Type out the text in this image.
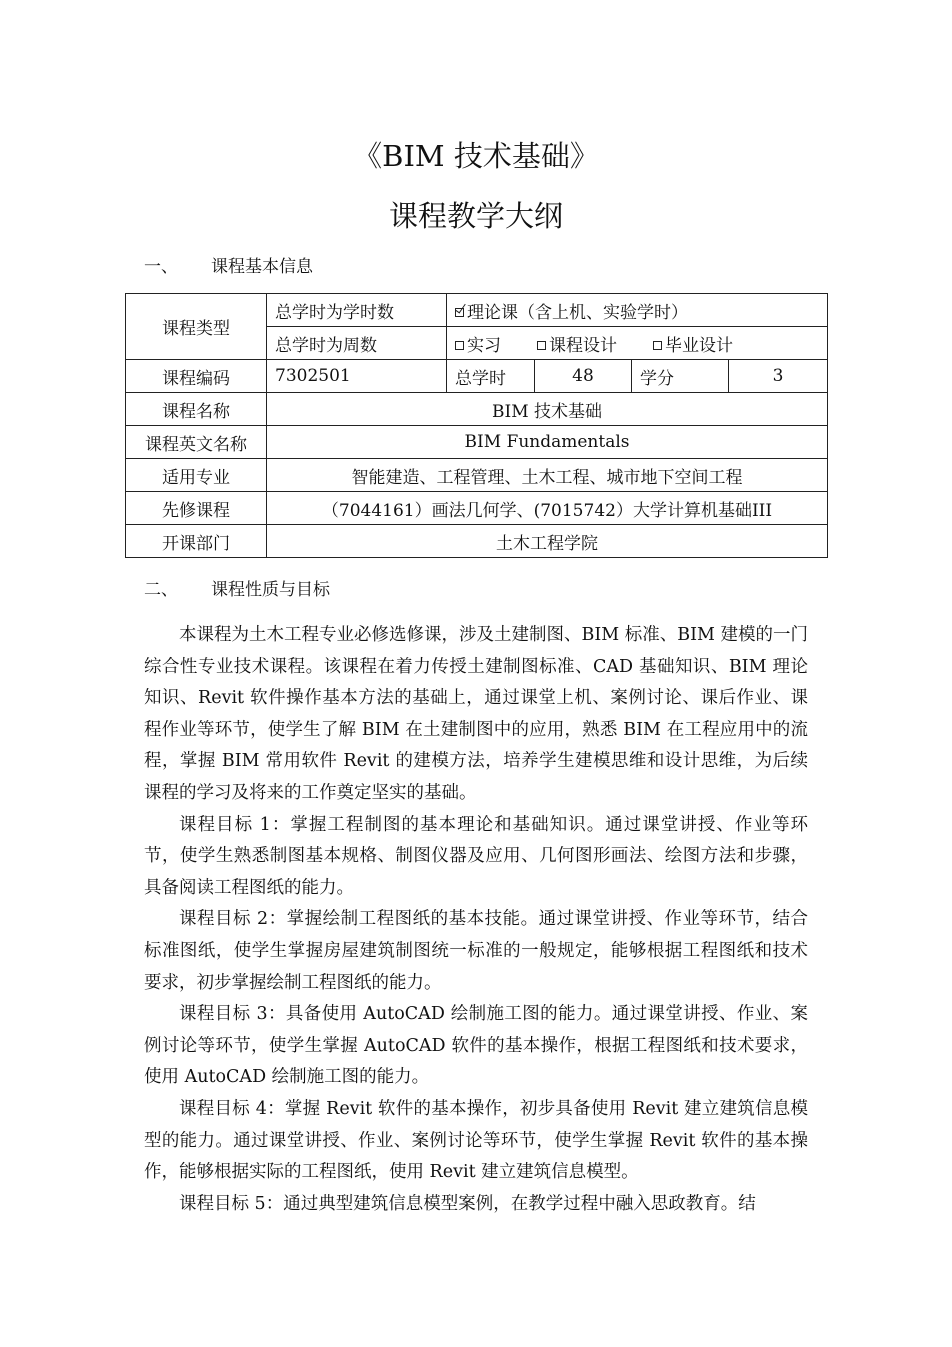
《BIM 技术基础》
课程教学大纲
一、 课程基本信息
课程类型	总学时为学时数	理论课（含上机、实验学时）			
	总学时为周数	实习 课程设计 毕业设计			
课程编码	7302501	总学时	48	学分	3
课程名称	BIM 技术基础				
课程英文名称	BIM Fundamentals				
适用专业	智能建造、工程管理、土木工程、城市地下空间工程				
先修课程	（7044161）画法几何学、(7015742）大学计算机基础III				
开课部门	土木工程学院				
二、 课程性质与目标

本课程为土木工程专业必修选修课，涉及土建制图、BIM 标准、BIM 建模的一门综合性专业技术课程。该课程在着力传授土建制图标准、CAD 基础知识、BIM 理论知识、Revit 软件操作基本方法的基础上，通过课堂上机、案例讨论、课后作业、课程作业等环节，使学生了解 BIM 在土建制图中的应用，熟悉 BIM 在工程应用中的流程，掌握 BIM 常用软件 Revit 的建模方法，培养学生建模思维和设计思维，为后续课程的学习及将来的工作奠定坚实的基础。

课程目标 1：掌握工程制图的基本理论和基础知识。通过课堂讲授、作业等环节，使学生熟悉制图基本规格、制图仪器及应用、几何图形画法、绘图方法和步骤，具备阅读工程图纸的能力。

课程目标 2：掌握绘制工程图纸的基本技能。通过课堂讲授、作业等环节，结合标准图纸，使学生掌握房屋建筑制图统一标准的一般规定，能够根据工程图纸和技术要求，初步掌握绘制工程图纸的能力。

课程目标 3：具备使用 AutoCAD 绘制施工图的能力。通过课堂讲授、作业、案例讨论等环节，使学生掌握 AutoCAD 软件的基本操作，根据工程图纸和技术要求，使用 AutoCAD 绘制施工图的能力。

课程目标 4：掌握 Revit 软件的基本操作，初步具备使用 Revit 建立建筑信息模型的能力。通过课堂讲授、作业、案例讨论等环节，使学生掌握 Revit 软件的基本操作，能够根据实际的工程图纸，使用 Revit 建立建筑信息模型。

课程目标 5：通过典型建筑信息模型案例，在教学过程中融入思政教育。结
